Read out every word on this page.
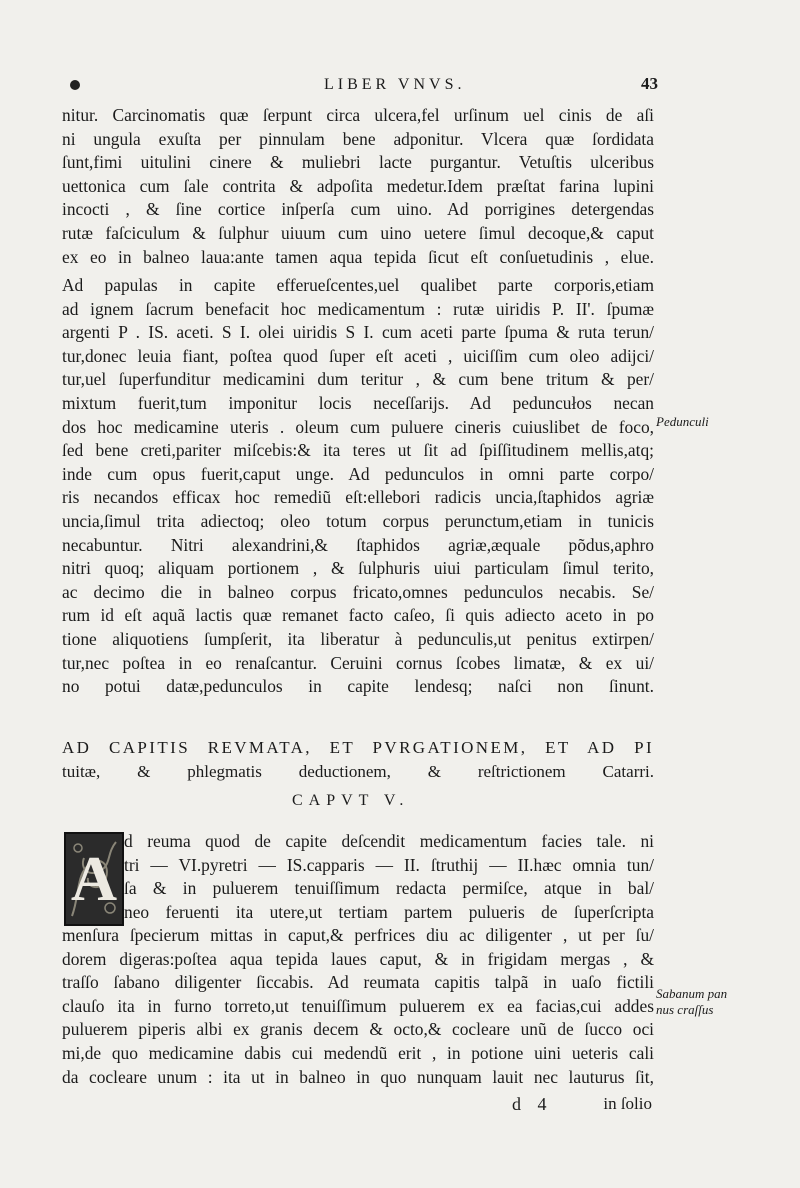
LIBER VNVS.	43
nitur. Carcinomatis quæ ſerpunt circa ulcera,fel urſinum uel cinis de aſi
ni ungula exuſta per pinnulam bene adponitur. Vlcera quæ ſordidata
ſunt,fimi uitulini cinere & muliebri lacte purgantur. Vetuſtis ulceribus
uettonica cum ſale contrita & adpoſita medetur.Idem præſtat farina lupini
incocti , & ſine cortice inſperſa cum uino. Ad porrigines detergendas
rutæ faſciculum & ſulphur uiuum cum uino uetere ſimul decoque,& caput
ex eo in balneo laua:ante tamen aqua tepida ſicut eſt conſuetudinis , elue.
Ad papulas in capite efferueſcentes,uel qualibet parte corporis,etiam
ad ignem ſacrum benefacit hoc medicamentum : rutæ uiridis P. II'. ſpumæ
argenti P . IS. aceti. S I. olei uiridis S I. cum aceti parte ſpuma & ruta terun/
tur,donec leuia fiant, poſtea quod ſuper eſt aceti , uiciſſim cum oleo adijci/
tur,uel ſuperfunditur medicamini dum teritur , & cum bene tritum & per/
mixtum fuerit,tum imponitur locis neceſſarijs. Ad peduncułos necan
dos hoc medicamine uteris . oleum cum puluere cineris cuiuslibet de foco,
ſed bene creti,pariter miſcebis:& ita teres ut ſit ad ſpiſſitudinem mellis,atq;
inde cum opus fuerit,caput unge. Ad pedunculos in omni parte corpo/
ris necandos efficax hoc remediũ eſt:ellebori radicis uncia,ſtaphidos agriæ
uncia,ſimul trita adiectoq; oleo totum corpus perunctum,etiam in tunicis
necabuntur. Nitri alexandrini,& ſtaphidos agriæ,æquale põdus,aphro
nitri quoq; aliquam portionem , & ſulphuris uiui particulam ſimul terito,
ac decimo die in balneo corpus fricato,omnes pedunculos necabis. Se/
rum id eſt aquã lactis quæ remanet facto caſeo, ſi quis adiecto aceto in po
tione aliquotiens ſumpſerit, ita liberatur à pedunculis,ut penitus extirpen/
tur,nec poſtea in eo renaſcantur. Ceruini cornus ſcobes limatæ, & ex ui/
no potui datæ,pedunculos in capite lendesq; naſci non ſinunt.
AD CAPITIS REVMATA, ET PVRGATIONEM, ET AD PI
tuitæ, & phlegmatis deductionem, & reſtrictionem Catarri.
CAPVT V.
A
d reuma quod de capite deſcendit medicamentum facies tale. ni
tri — VI.pyretri — IS.capparis — II. ſtruthij — II.hæc omnia tun/
ſa & in puluerem tenuiſſimum redacta permiſce, atque in bal/
neo feruenti ita utere,ut tertiam partem pulueris de ſuperſcripta
menſura ſpecierum mittas in caput,& perfrices diu ac diligenter , ut per ſu/
dorem digeras:poſtea aqua tepida laues caput, & in frigidam mergas , &
traſſo ſabano diligenter ſiccabis. Ad reumata capitis talpã in uaſo fictili
clauſo ita in furno torreto,ut tenuiſſimum puluerem ex ea facias,cui addes
puluerem piperis albi ex granis decem & octo,& cocleare unũ de ſucco oci
mi,de quo medicamine dabis cui medendũ erit , in potione uini ueteris cali
da cocleare unum : ita ut in balneo in quo nunquam lauit nec lauturus ſit,
Pedunculi
Sabanum pan nus craſſus
d 4	in ſolio
